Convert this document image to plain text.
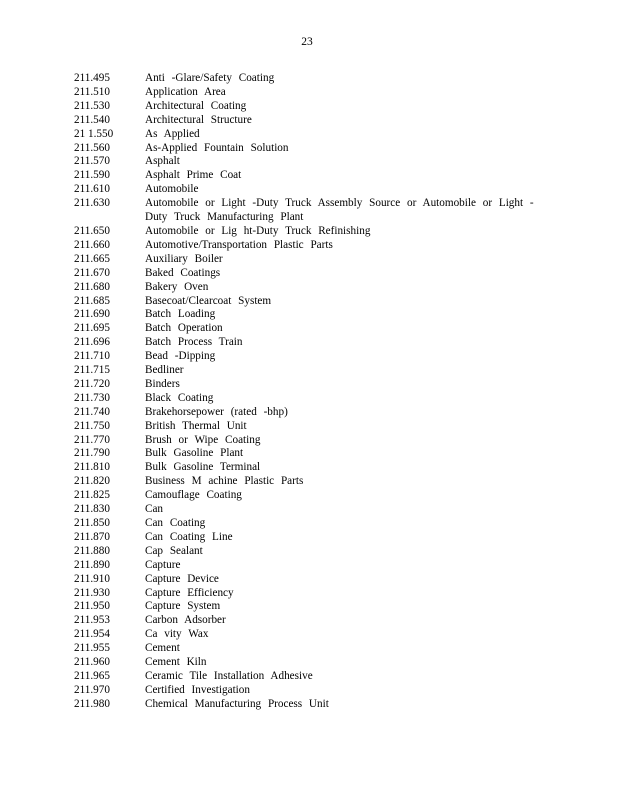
23
211.495	Anti -Glare/Safety Coating
211.510	Application Area
211.530	Architectural Coating
211.540	Architectural Structure
21 1.550	As Applied
211.560	As-Applied Fountain Solution
211.570	Asphalt
211.590	Asphalt Prime Coat
211.610	Automobile
211.630	Automobile or Light -Duty Truck Assembly Source or Automobile or Light -Duty Truck Manufacturing Plant
211.650	Automobile or Lig ht-Duty Truck Refinishing
211.660	Automotive/Transportation Plastic Parts
211.665	Auxiliary Boiler
211.670	Baked Coatings
211.680	Bakery Oven
211.685	Basecoat/Clearcoat System
211.690	Batch Loading
211.695	Batch Operation
211.696	Batch Process Train
211.710	Bead -Dipping
211.715	Bedliner
211.720	Binders
211.730	Black Coating
211.740	Brakehorsepower (rated -bhp)
211.750	British Thermal Unit
211.770	Brush or Wipe Coating
211.790	Bulk Gasoline Plant
211.810	Bulk Gasoline Terminal
211.820	Business M achine Plastic Parts
211.825	Camouflage Coating
211.830	Can
211.850	Can Coating
211.870	Can Coating Line
211.880	Cap Sealant
211.890	Capture
211.910	Capture Device
211.930	Capture Efficiency
211.950	Capture System
211.953	Carbon Adsorber
211.954	Ca vity Wax
211.955	Cement
211.960	Cement Kiln
211.965	Ceramic Tile Installation Adhesive
211.970	Certified Investigation
211.980	Chemical Manufacturing Process Unit
